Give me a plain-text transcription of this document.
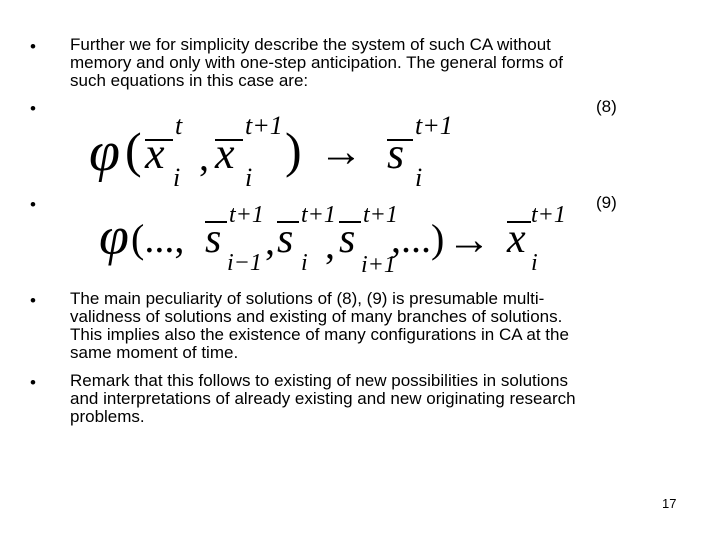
• Further we for simplicity describe the system of such CA without
memory and only with one-step anticipation. The general forms of
such equations in this case are:
•	(8)
φ ( x
t
i , x
t+1
i ) → s
t+1
i
•	(9)
φ (..., s
t+1
i−1 , s
t+1
i , s
t+1
i+1
,...) → x
t+1
i
• The main peculiarity of solutions of (8), (9) is presumable multi-
validness of solutions and existing of many branches of solutions.
This implies also the existence of many configurations in CA at the
same moment of time.
• Remark that this follows to existing of new possibilities in solutions
and interpretations of already existing and new originating research
problems.
17
